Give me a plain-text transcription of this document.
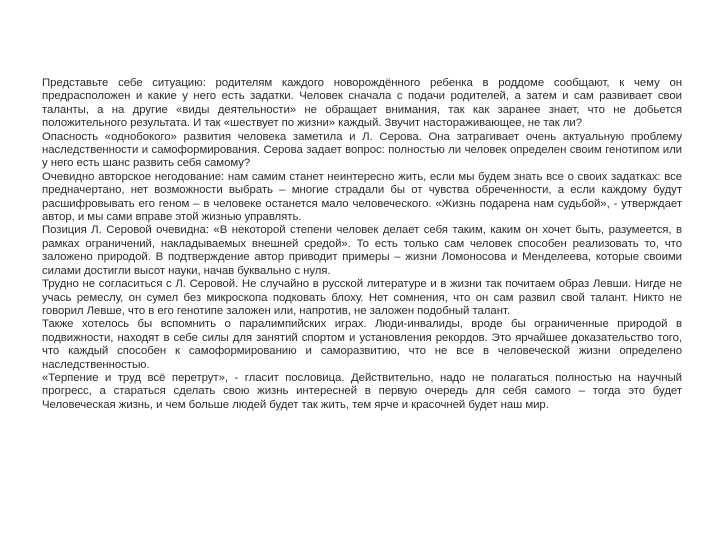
Представьте себе ситуацию: родителям каждого новорождённого ребенка в роддоме сообщают, к чему он предрасположен и какие у него есть задатки. Человек сначала с подачи родителей, а затем и сам развивает свои таланты, а на другие «виды деятельности» не обращает внимания, так как заранее знает, что не добьется положительного результата. И так «шествует по жизни» каждый. Звучит настораживающее, не так ли?

Опасность «однобокого» развития человека заметила и Л. Серова. Она затрагивает очень актуальную проблему наследственности и самоформирования. Серова задает вопрос: полностью ли человек определен своим генотипом или у него есть шанс развить себя самому?

Очевидно авторское негодование: нам самим станет неинтересно жить, если мы будем знать все о своих задатках: все предначертано, нет возможности выбрать – многие страдали бы от чувства обреченности, а если каждому будут расшифровывать его геном – в человеке останется мало человеческого. «Жизнь подарена нам судьбой», - утверждает автор, и мы сами вправе этой жизнью управлять.

Позиция Л. Серовой очевидна: «В некоторой степени человек делает себя таким, каким он хочет быть, разумеется, в рамках ограничений, накладываемых внешней средой». То есть только сам человек способен реализовать то, что заложено природой. В подтверждение автор приводит примеры – жизни Ломоносова и Менделеева, которые своими силами достигли высот науки, начав буквально с нуля.

Трудно не согласиться с Л. Серовой. Не случайно в русской литературе и в жизни так почитаем образ Левши. Нигде не учась ремеслу, он сумел без микроскопа подковать блоху. Нет сомнения, что он сам развил свой талант. Никто не говорил Левше, что в его генотипе заложен или, напротив, не заложен подобный талант.

Также хотелось бы вспомнить о паралимпийских играх. Люди-инвалиды, вроде бы ограниченные природой в подвижности, находят в себе силы для занятий спортом и установления рекордов. Это ярчайшее доказательство того, что каждый способен к самоформированию и саморазвитию, что не все в человеческой жизни определено наследственностью.

«Терпение и труд всё перетрут», - гласит пословица. Действительно, надо не полагаться полностью на научный прогресс, а стараться сделать свою жизнь интересней в первую очередь для себя самого – тогда это будет Человеческая жизнь, и чем больше людей будет так жить, тем ярче и красочней будет наш мир.
